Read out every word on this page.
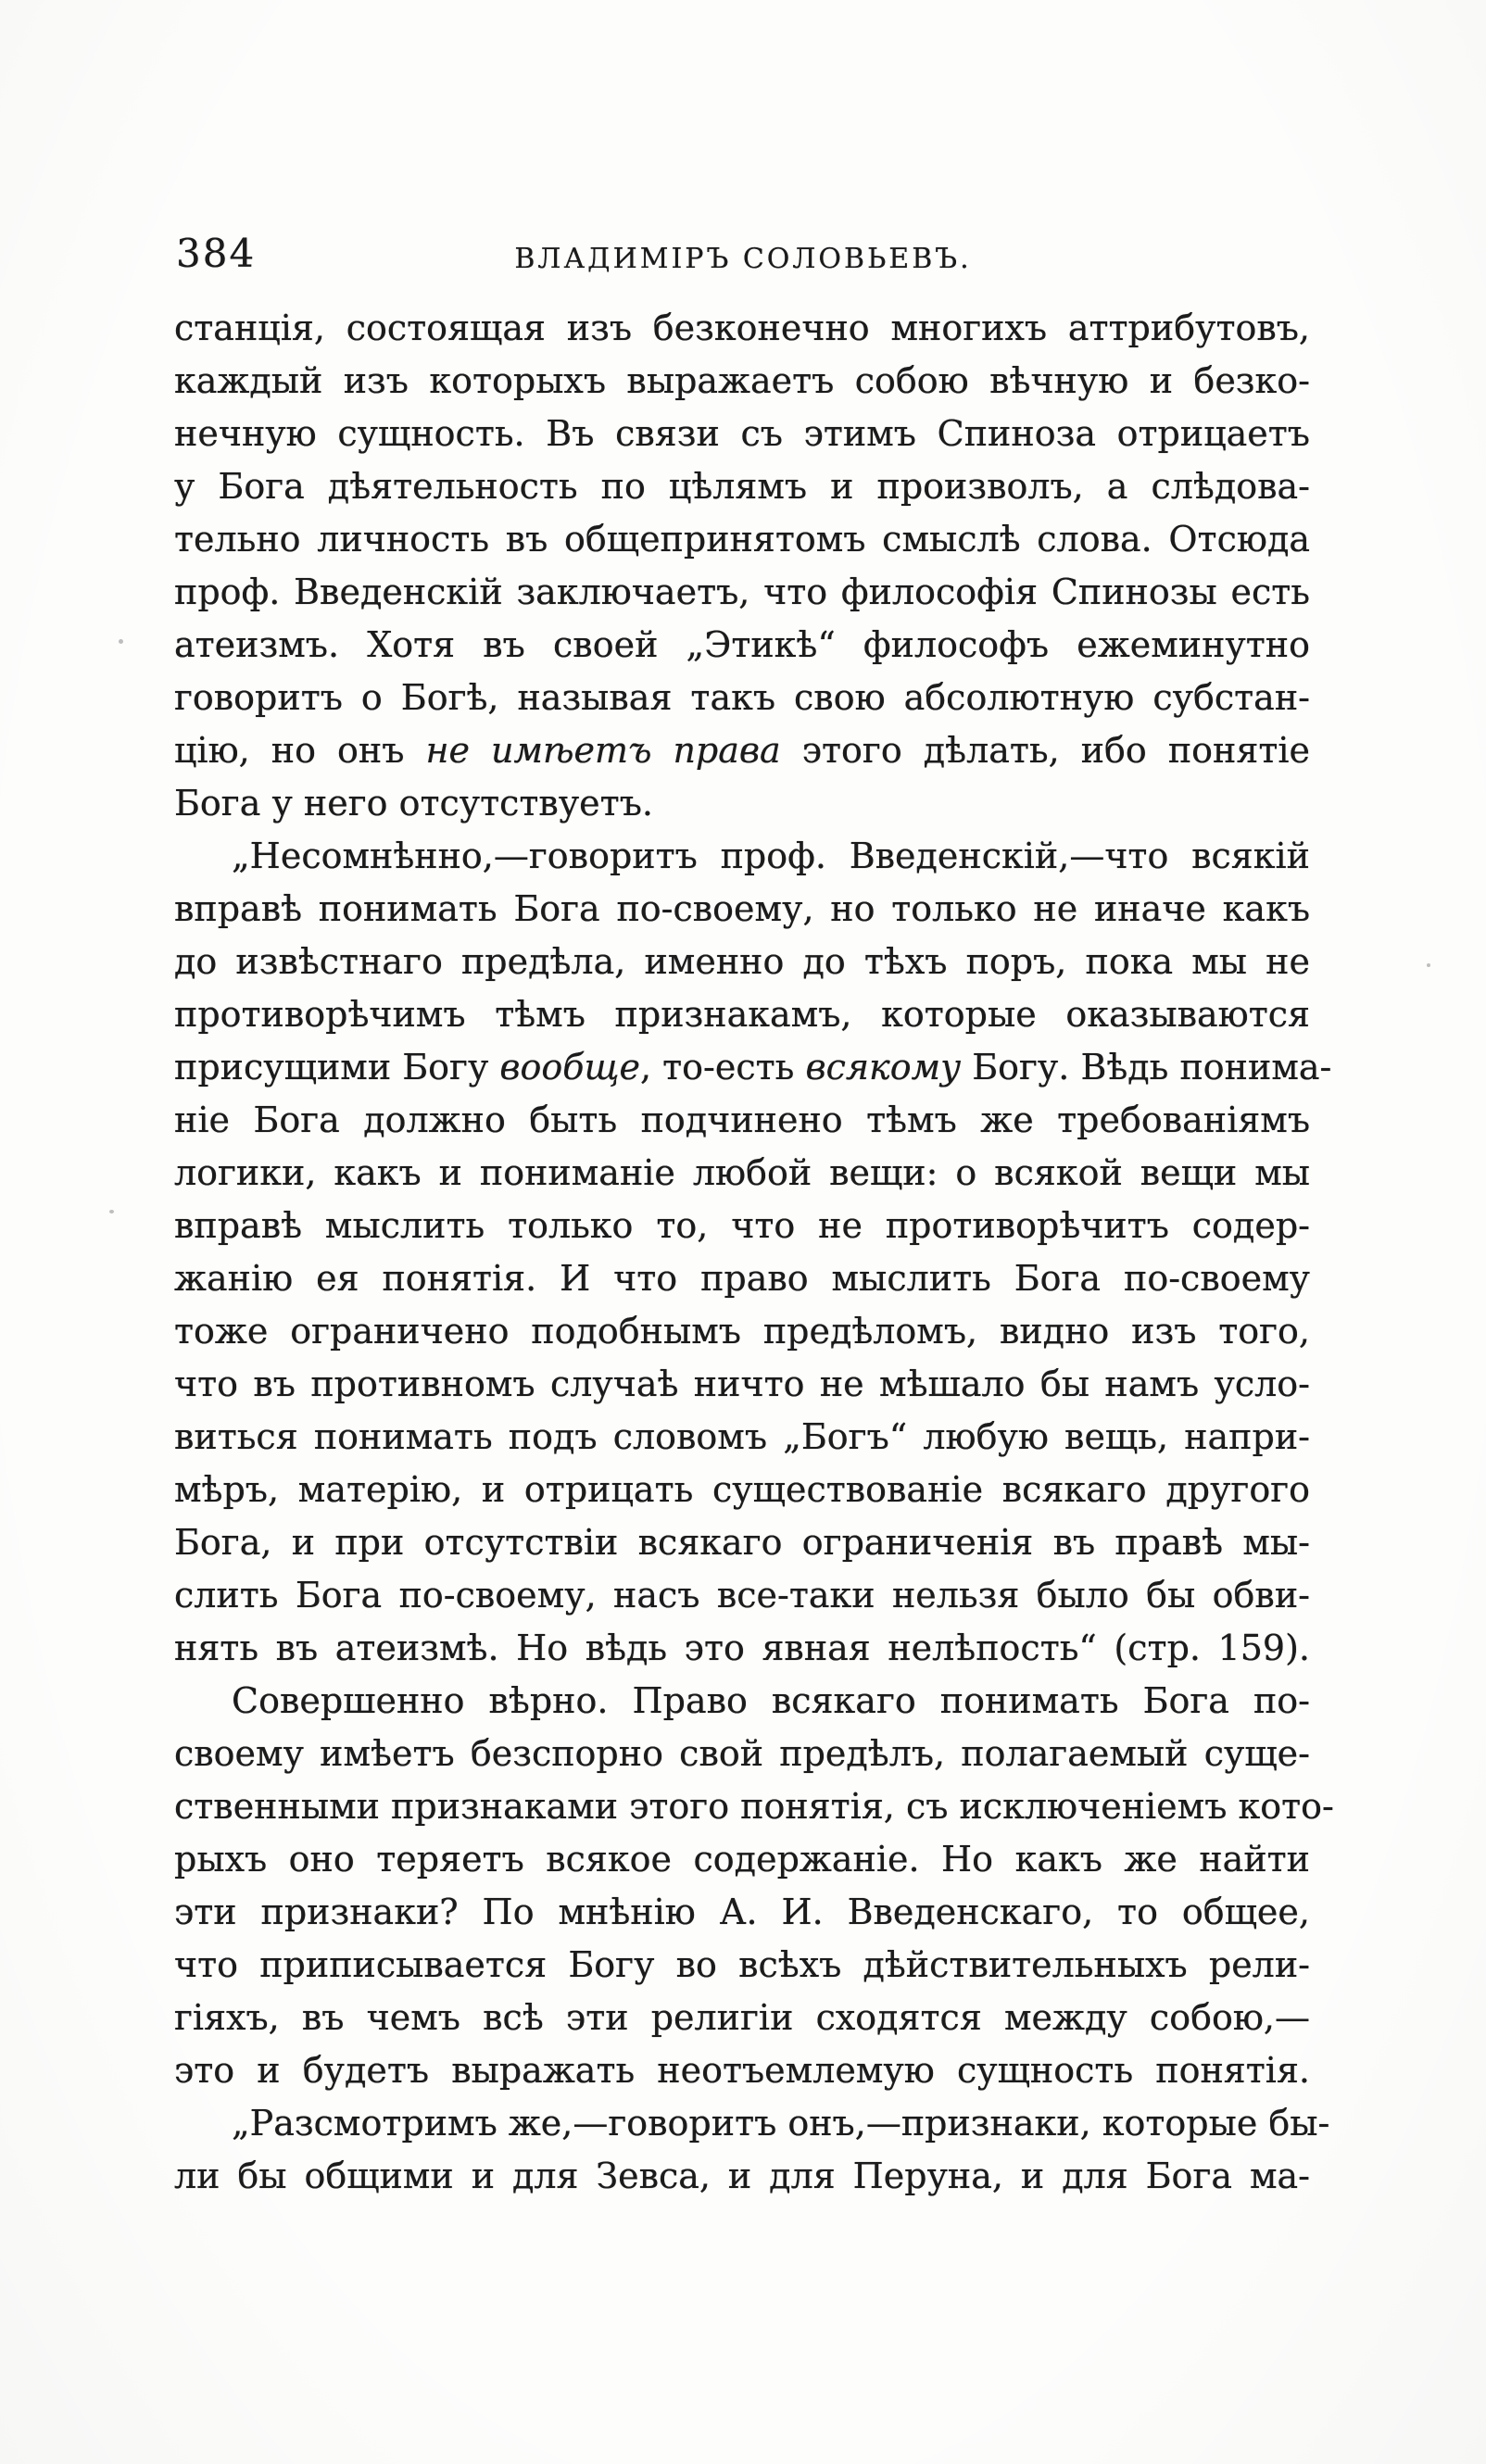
384	ВЛАДИМІРЪ СОЛОВЬЕВЪ.
станція, состоящая изъ безконечно многихъ аттрибутовъ,
каждый изъ которыхъ выражаетъ собою вѣчную и безко-
нечную сущность. Въ связи съ этимъ Спиноза отрицаетъ
у Бога дѣятельность по цѣлямъ и произволъ, а слѣдова-
тельно личность въ общепринятомъ смыслѣ слова. Отсюда
проф. Введенскій заключаетъ, что философія Спинозы есть
атеизмъ. Хотя въ своей „Этикѣ“ философъ ежеминутно
говоритъ о Богѣ, называя такъ свою абсолютную субстан-
цію, но онъ не имѣетъ права этого дѣлать, ибо понятіе
Бога у него отсутствуетъ.
„Несомнѣнно,—говоритъ проф. Введенскій,—что всякій
вправѣ понимать Бога по-своему, но только не иначе какъ
до извѣстнаго предѣла, именно до тѣхъ поръ, пока мы не
противорѣчимъ тѣмъ признакамъ, которые оказываются
присущими Богу вообще, то-есть всякому Богу. Вѣдь понима-
ніе Бога должно быть подчинено тѣмъ же требованіямъ
логики, какъ и пониманіе любой вещи: о всякой вещи мы
вправѣ мыслить только то, что не противорѣчитъ содер-
жанію ея понятія. И что право мыслить Бога по-своему
тоже ограничено подобнымъ предѣломъ, видно изъ того,
что въ противномъ случаѣ ничто не мѣшало бы намъ усло-
виться понимать подъ словомъ „Богъ“ любую вещь, напри-
мѣръ, матерію, и отрицать существованіе всякаго другого
Бога, и при отсутствіи всякаго ограниченія въ правѣ мы-
слить Бога по-своему, насъ все-таки нельзя было бы обви-
нять въ атеизмѣ. Но вѣдь это явная нелѣпость“ (стр. 159).
Совершенно вѣрно. Право всякаго понимать Бога по-
своему имѣетъ безспорно свой предѣлъ, полагаемый суще-
ственными признаками этого понятія, съ исключеніемъ кото-
рыхъ оно теряетъ всякое содержаніе. Но какъ же найти
эти признаки? По мнѣнію А. И. Введенскаго, то общее,
что приписывается Богу во всѣхъ дѣйствительныхъ рели-
гіяхъ, въ чемъ всѣ эти религіи сходятся между собою,—
это и будетъ выражать неотъемлемую сущность понятія.
„Разсмотримъ же,—говоритъ онъ,—признаки, которые бы-
ли бы общими и для Зевса, и для Перуна, и для Бога ма-
